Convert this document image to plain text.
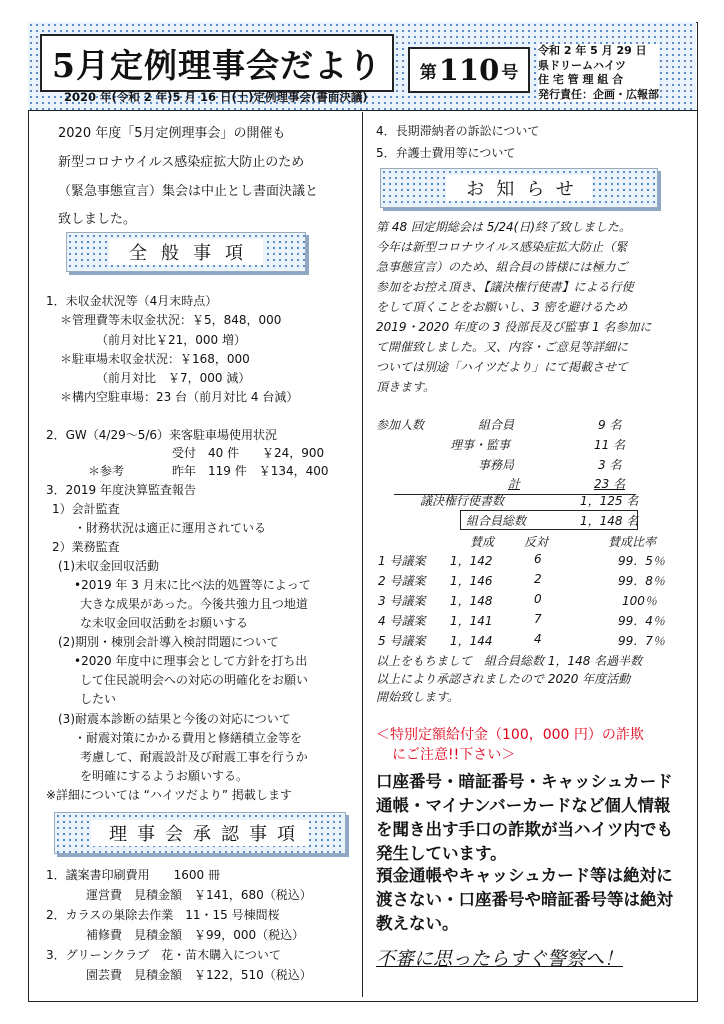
5月定例理事会だより
2020 年(令和 2 年)5 月 16 日(土)定例理事会(書面決議)
第 110 号
令和 2 年 5 月 29 日
県ドリームハイツ
住 宅 管 理 組 合
発行責任：企画・広報部
2020 年度「5月定例理事会」の開催も
新型コロナウイルス感染症拡大防止のため
（緊急事態宣言）集会は中止とし書面決議と
致しました。
全般事項
1．未収金状況等（4月末時点）
＊管理費等未収金状況：￥5，848，000
（前月対比￥21，000 増）
＊駐車場未収金状況：￥168，000
（前月対比　￥7，000 減）
＊構内空駐車場：23 台（前月対比 4 台減）
2．GW（4/29～5/6）来客駐車場使用状況
受付　40 件 ￥24，900
＊参考	昨年　119 件　￥134，400
3．2019 年度決算監査報告
1）会計監査
・財務状況は適正に運用されている
2）業務監査
(1)未収金回収活動
•2019 年 3 月末に比べ法的処置等によって
大きな成果があった。今後共強力且つ地道
な未収金回収活動をお願いする
(2)期別・棟別会計導入検討問題について
•2020 年度中に理事会として方針を打ち出
して住民説明会への対応の明確化をお願い
したい
(3)耐震本診断の結果と今後の対応について
・耐震対策にかかる費用と修繕積立金等を
考慮して、耐震設計及び耐震工事を行うか
を明確にするようお願いする。
※詳細については “ハイツだより” 掲載します
理事会承認事項
1．議案書印刷費用　　1600 冊
運営費　見積金額　￥141，680（税込）
2．カラスの巣除去作業　11・15 号棟間桜
補修費　見積金額　￥99，000（税込）
3．グリーンクラブ　花・苗木購入について
園芸費　見積金額　￥122，510（税込）
4．長期滞納者の訴訟について
5．弁護士費用等について
お知らせ
第 48 回定期総会は 5/24(日)終了致しました。
今年は新型コロナウイルス感染症拡大防止（緊
急事態宣言）のため、組合員の皆様には極力ご
参加をお控え頂き、【議決権行使書】による行使
をして頂くことをお願いし、3 密を避けるため
2019・2020 年度の 3 役部長及び監事 1 名参加に
て開催致しました。又、内容・ご意見等詳細に
ついては別途「ハイツだより」にて掲載させて
頂きます。
参加人数	組合員	9 名
理事・監事	11 名
事務局	3 名
計	23 名
議決権行使書数	1，125 名
組合員総数	1，148 名
賛成 反対	賛成比率
1 号議案 1，142	6	99．5％
2 号議案 1，146	2	99．8％
3 号議案 1，148	0	100％
4 号議案 1，141	7	99．4％
5 号議案 1，144	4	99．7％
以上をもちまして　組合員総数 1，148 名過半数
以上により承認されましたので 2020 年度活動
開始致します。
＜特別定額給付金（100，000 円）の詐欺
にご注意!!下さい＞
口座番号・暗証番号・キャッシュカード
通帳・マイナンバーカードなど個人情報
を聞き出す手口の詐欺が当ハイツ内でも
発生しています。
預金通帳やキャッシュカード等は絶対に
渡さない・口座番号や暗証番号等は絶対
教えない。
不審に思ったらすぐ警察へ！
